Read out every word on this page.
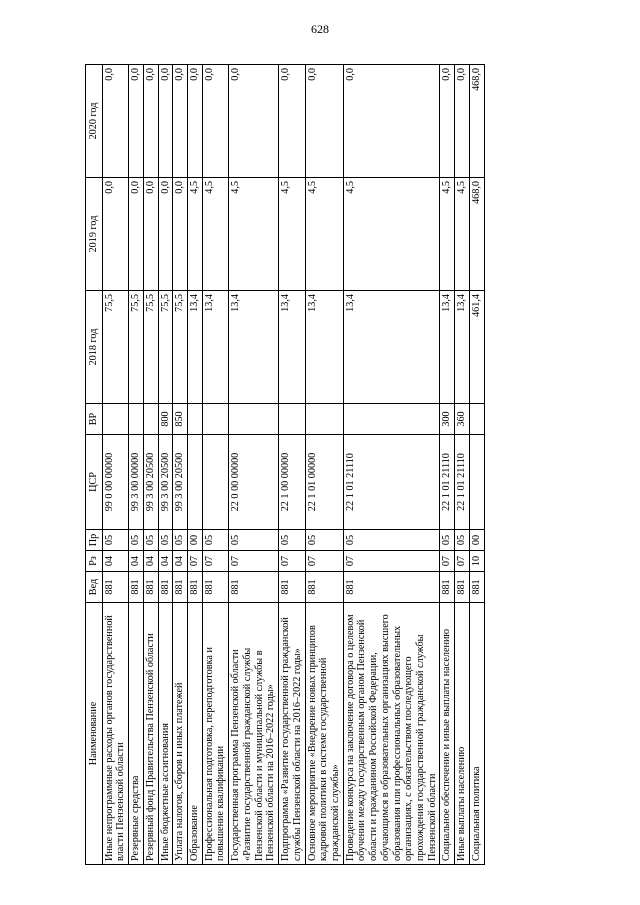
628
Наименование	Вед	Рз	Пр	ЦСР	ВР	2018 год	2019 год	2020 год
Иные непрограммные расходы органов государственной власти Пензенской области	881	04	05	99 0 00 00000		75,5	0,0	0,0
Резервные средства	881	04	05	99 3 00 00000		75,5	0,0	0,0
Резервный фонд Правительства Пензенской области	881	04	05	99 3 00 20500		75,5	0,0	0,0
Иные бюджетные ассигнования	881	04	05	99 3 00 20500	800	75,5	0,0	0,0
Уплата налогов, сборов и иных платежей	881	04	05	99 3 00 20500	850	75,5	0,0	0,0
Образование	881	07	00			13,4	4,5	0,0
Профессиональная подготовка, переподготовка и повышение квалификации	881	07	05			13,4	4,5	0,0
Государственная программа Пензенской области «Развитие государственной гражданской службы Пензенской области и муниципальной службы в Пензенской области на 2016–2022 годы»	881	07	05	22 0 00 00000		13,4	4,5	0,0
Подпрограмма «Развитие государственной гражданской службы Пензенской области на 2016–2022 годы»	881	07	05	22 1 00 00000		13,4	4,5	0,0
Основное мероприятие «Внедрение новых принципов кадровой политики в системе государственной гражданской службы»	881	07	05	22 1 01 00000		13,4	4,5	0,0
Проведение конкурса на заключение договора о целевом обучении между государственным органом Пензенской области и гражданином Российской Федерации, обучающимся в образовательных организациях высшего образования или профессиональных образовательных организациях, с обязательством последующего прохождения государственной гражданской службы Пензенской области	881	07	05	22 1 01 21110		13,4	4,5	0,0
Социальное обеспечение и иные выплаты населению	881	07	05	22 1 01 21110	300	13,4	4,5	0,0
Иные выплаты населению	881	07	05	22 1 01 21110	360	13,4	4,5	0,0
Социальная политика	881	10	00			461,4	468,0	468,0
